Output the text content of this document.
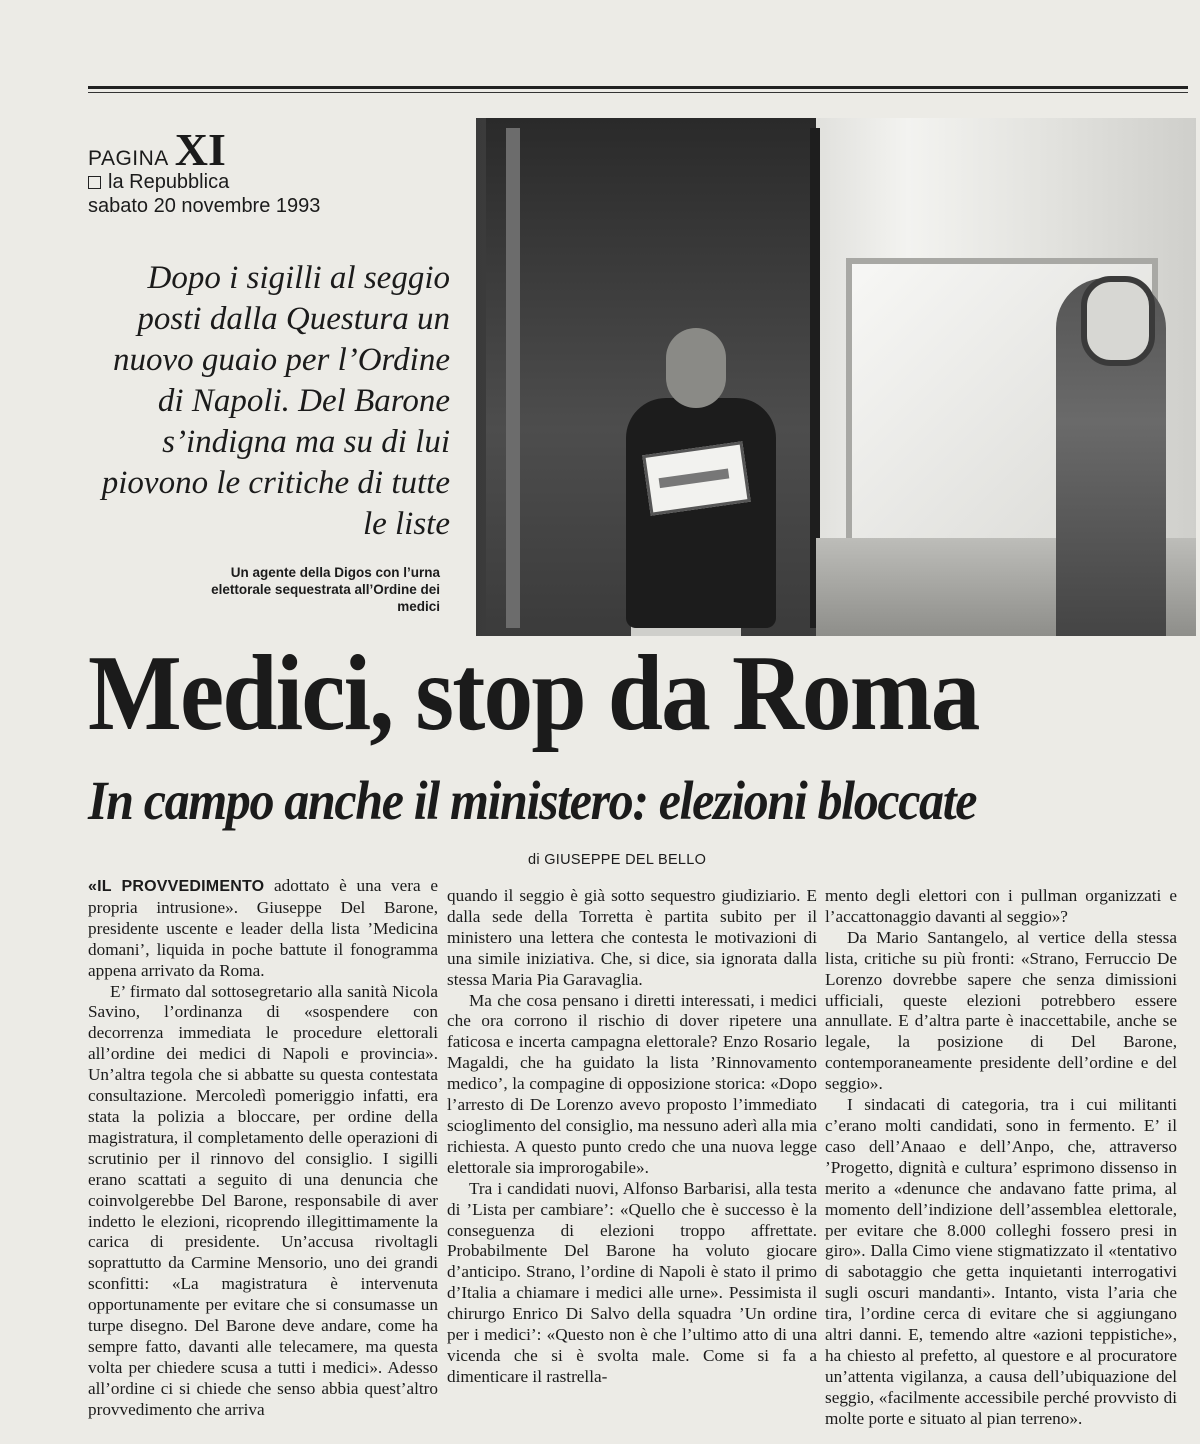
PAGINA XI
la Repubblica
sabato 20 novembre 1993
Dopo i sigilli al seggio posti dalla Questura un nuovo guaio per l’Ordine di Napoli. Del Barone s’indigna ma su di lui piovono le critiche di tutte le liste
Un agente della Digos con l’urna elettorale sequestrata all’Ordine dei medici
Medici, stop da Roma
In campo anche il ministero: elezioni bloccate
di GIUSEPPE DEL BELLO

«IL PROVVEDIMENTO adottato è una vera e propria intrusione». Giuseppe Del Barone, presidente uscente e leader della lista ’Medicina domani’, liquida in poche battute il fonogramma appena arrivato da Roma.

E’ firmato dal sottosegretario alla sanità Nicola Savino, l’ordinanza di «sospendere con decorrenza immediata le procedure elettorali all’ordine dei medici di Napoli e provincia». Un’altra tegola che si abbatte su questa contestata consultazione. Mercoledì pomeriggio infatti, era stata la polizia a bloccare, per ordine della magistratura, il completamento delle operazioni di scrutinio per il rinnovo del consiglio. I sigilli erano scattati a seguito di una denuncia che coinvolgerebbe Del Barone, responsabile di aver indetto le elezioni, ricoprendo illegittimamente la carica di presidente. Un’accusa rivoltagli soprattutto da Carmine Mensorio, uno dei grandi sconfitti: «La magistratura è intervenuta opportunamente per evitare che si consumasse un turpe disegno. Del Barone deve andare, come ha sempre fatto, davanti alle telecamere, ma questa volta per chiedere scusa a tutti i medici». Adesso all’ordine ci si chiede che senso abbia quest’altro provvedimento che arriva

quando il seggio è già sotto sequestro giudiziario. E dalla sede della Torretta è partita subito per il ministero una lettera che contesta le motivazioni di una simile iniziativa. Che, si dice, sia ignorata dalla stessa Maria Pia Garavaglia.

Ma che cosa pensano i diretti interessati, i medici che ora corrono il rischio di dover ripetere una faticosa e incerta campagna elettorale? Enzo Rosario Magaldi, che ha guidato la lista ’Rinnovamento medico’, la compagine di opposizione storica: «Dopo l’arresto di De Lorenzo avevo proposto l’immediato scioglimento del consiglio, ma nessuno aderì alla mia richiesta. A questo punto credo che una nuova legge elettorale sia improrogabile».

Tra i candidati nuovi, Alfonso Barbarisi, alla testa di ’Lista per cambiare’: «Quello che è successo è la conseguenza di elezioni troppo affrettate. Probabilmente Del Barone ha voluto giocare d’anticipo. Strano, l’ordine di Napoli è stato il primo d’Italia a chiamare i medici alle urne». Pessimista il chirurgo Enrico Di Salvo della squadra ’Un ordine per i medici’: «Questo non è che l’ultimo atto di una vicenda che si è svolta male. Come si fa a dimenticare il rastrella-

mento degli elettori con i pullman organizzati e l’accattonaggio davanti al seggio»?

Da Mario Santangelo, al vertice della stessa lista, critiche su più fronti: «Strano, Ferruccio De Lorenzo dovrebbe sapere che senza dimissioni ufficiali, queste elezioni potrebbero essere annullate. E d’altra parte è inaccettabile, anche se legale, la posizione di Del Barone, contemporaneamente presidente dell’ordine e del seggio».

I sindacati di categoria, tra i cui militanti c’erano molti candidati, sono in fermento. E’ il caso dell’Anaao e dell’Anpo, che, attraverso ’Progetto, dignità e cultura’ esprimono dissenso in merito a «denunce che andavano fatte prima, al momento dell’indizione dell’assemblea elettorale, per evitare che 8.000 colleghi fossero presi in giro». Dalla Cimo viene stigmatizzato il «tentativo di sabotaggio che getta inquietanti interrogativi sugli oscuri mandanti». Intanto, vista l’aria che tira, l’ordine cerca di evitare che si aggiungano altri danni. E, temendo altre «azioni teppistiche», ha chiesto al prefetto, al questore e al procuratore un’attenta vigilanza, a causa dell’ubiquazione del seggio, «facilmente accessibile perché provvisto di molte porte e situato al pian terreno».
